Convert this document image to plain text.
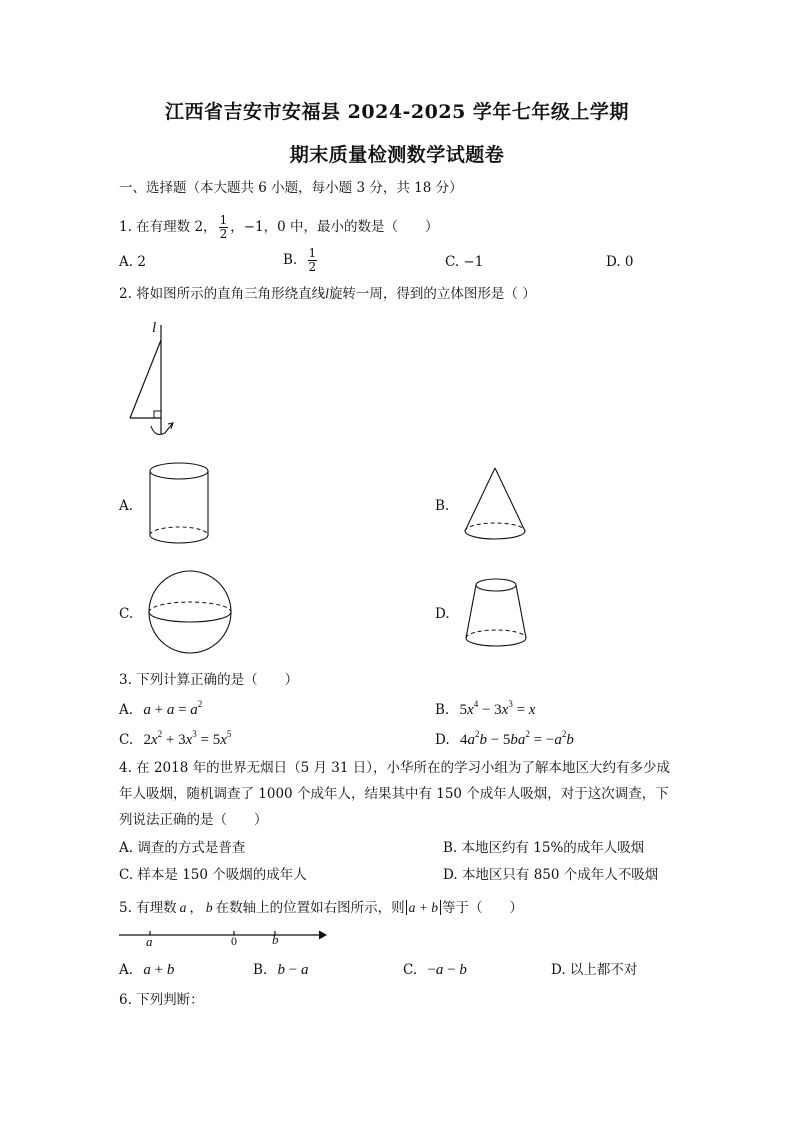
江西省吉安市安福县 2024-2025 学年七年级上学期
期末质量检测数学试题卷
一、选择题（本大题共 6 小题，每小题 3 分，共 18 分）
1. 在有理数 2， $\frac{1}{2}$ ，−1，0 中，最小的数是（　　）
A. 2	B. $\frac{1}{2}$	C. −1	D. 0
2. 将如图所示的直角三角形绕直线l旋转一周，得到的立体图形是（ ）
l
A.	B.
C.	D.
3. 下列计算正确的是（　　）
A. $a + a = a^2$	B. $5x^4 - 3x^3 = x$
C. $2x^2 + 3x^3 = 5x^5$	D. $4a^2b - 5ba^2 = -a^2b$
4. 在 2018 年的世界无烟日（5 月 31 日），小华所在的学习小组为了解本地区大约有多少成
年人吸烟，随机调查了 1000 个成年人，结果其中有 150 个成年人吸烟，对于这次调查，下
列说法正确的是（　　）
A. 调查的方式是普查	B. 本地区约有 15%的成年人吸烟
C. 样本是 150 个吸烟的成年人	D. 本地区只有 850 个成年人不吸烟
5. 有理数 a ， b 在数轴上的位置如右图所示，则 a + b 等于（　　）
a	0	b
A. a + b	B. b − a	C. −a − b	D. 以上都不对
6. 下列判断：
